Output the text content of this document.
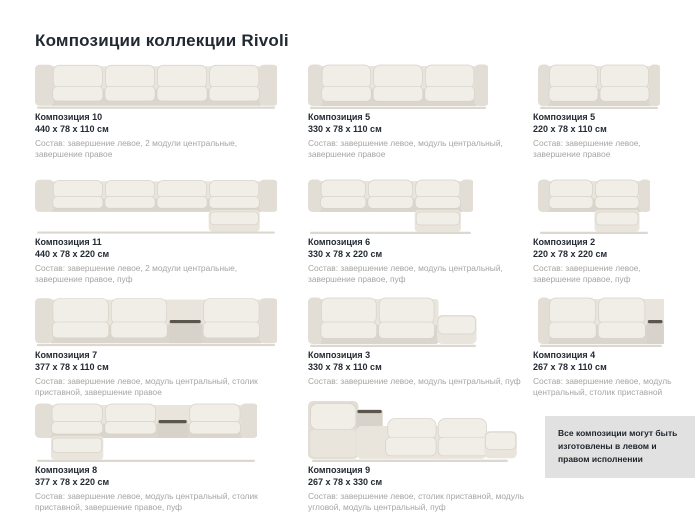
Композиции коллекции Rivoli
Композиция 10
440 x 78 x 110 см
Состав: завершение левое, 2 модули центральные, завершение правое
Композиция 5
330 x 78 x 110 см
Состав: завершение левое, модуль центральный, завершение правое
Композиция 5
220 x 78 x 110 см
Состав: завершение левое, завершение правое
Композиция 11
440 x 78 x 220 см
Состав: завершение левое, 2 модули центральные, завершение правое, пуф
Композиция 6
330 x 78 x 220 см
Состав: завершение левое, модуль центральный, завершение правое, пуф
Композиция 2
220 x 78 x 220 см
Состав: завершение левое, завершение правое, пуф
Композиция 7
377 x 78 x 110 см
Состав: завершение левое, модуль центральный, столик приставной, завершение правое
Композиция 3
330 x 78 x 110 см
Состав: завершение левое, модуль центральный, пуф
Композиция 4
267 x 78 x 110 см
Состав: завершение левое, модуль центральный, столик приставной
Композиция 8
377 x 78 x 220 см
Состав: завершение левое, модуль центральный, столик приставной, завершение правое, пуф
Композиция 9
267 x 78 x 330 см
Состав: завершение левое, столик приставной, модуль угловой, модуль центральный, пуф
Все композиции могут быть изготовлены в левом и правом исполнении
